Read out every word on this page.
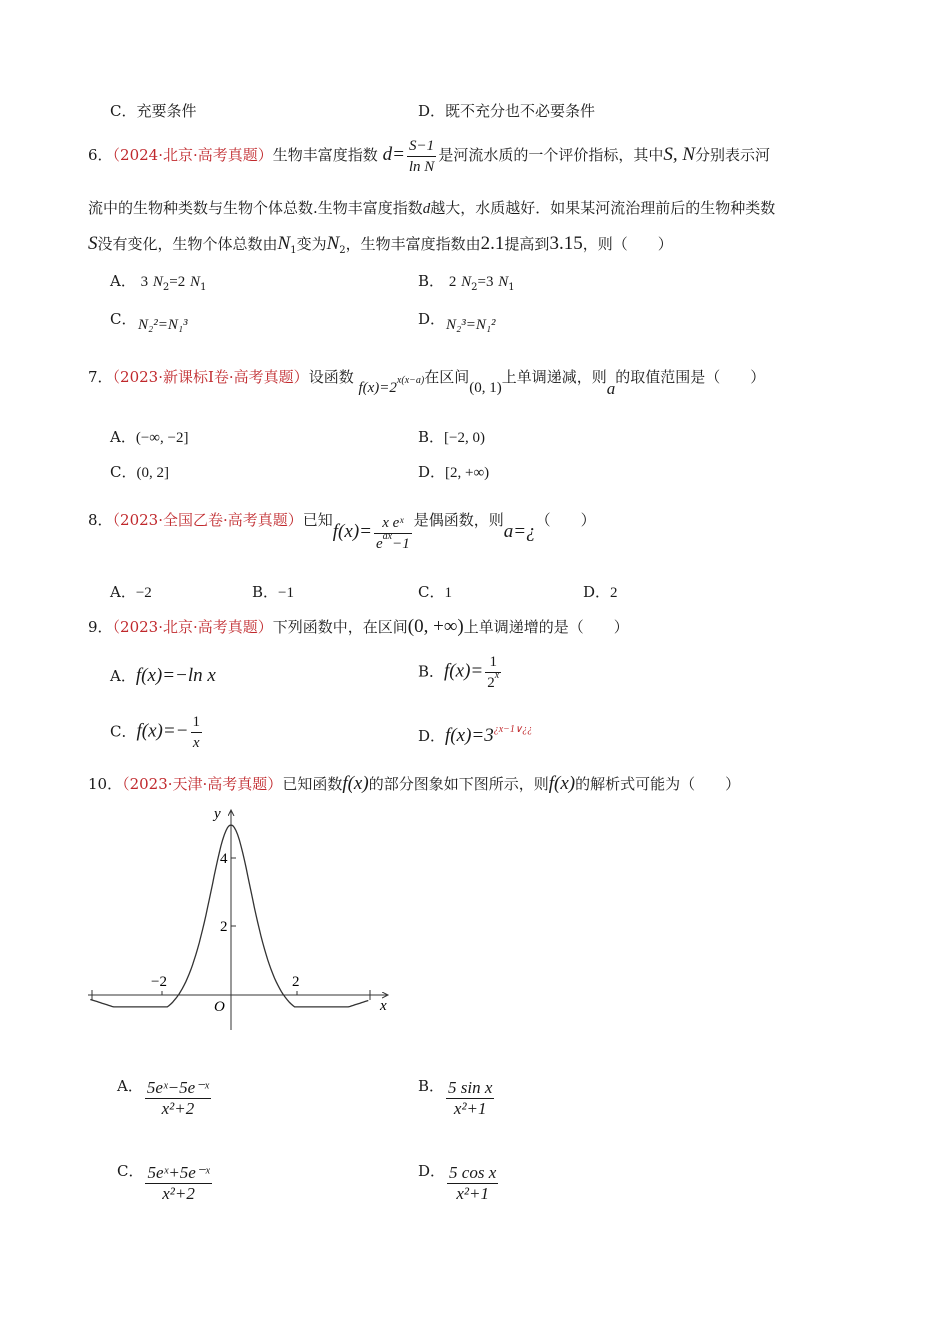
C．充要条件	D．既不充分也不必要条件
6．（2024·北京·高考真题）生物丰富度指数 $d= \frac{S-1}{\text{ln N}}$ 是河流水质的一个评价指标，其中S, N分别表示河
流中的生物种类数与生物个体总数.生物丰富度指数d越大，水质越好．如果某河流治理前后的生物种类数
S没有变化，生物个体总数由$N_1$变为$N_2$，生物丰富度指数由2.1提高到3.15，则（　　）
A． 3 $N_2=2$ $N_1$	B． 2 $N_2=3$ $N_1$
C． N₂²=N₁³	D． N₂³=N₁²
7．（2023·新课标Ⅰ卷·高考真题）设函数 $f(x)=2^{x(x-a)}$在区间(0, 1)上单调递减，则a的取值范围是（　　）
A．(−∞, −2]	B．[−2, 0)
C．(0, 2]	D．[2, +∞)
8．（2023·全国乙卷·高考真题）已知$f(x)= \frac{\text{x eˣ}}{e^{ax}-1}$ 是偶函数，则a=¿（　　）
A．−2	B．−1	C．1	D．2
9．（2023·北京·高考真题）下列函数中，在区间(0, +∞)上单调递增的是（　　）
A．f(x)=−ln x	B．$f(x)= \frac{1}{2^x}$
C．$f(x)=- \frac{1}{x}$	D．$f(x)=3^{¿x-1\vee¿¿}$
10．（2023·天津·高考真题）已知函数f(x)的部分图象如下图所示，则f(x)的解析式可能为（　　）
y
x
O
4
2
−2	2
A． $\frac{\text{5eˣ−5e⁻ˣ}}{\text{x²+2}}$	B． $\frac{\text{5 sin x}}{\text{x²+1}}$
C． $\frac{\text{5eˣ+5e⁻ˣ}}{\text{x²+2}}$	D． $\frac{\text{5 cos x}}{\text{x²+1}}$
